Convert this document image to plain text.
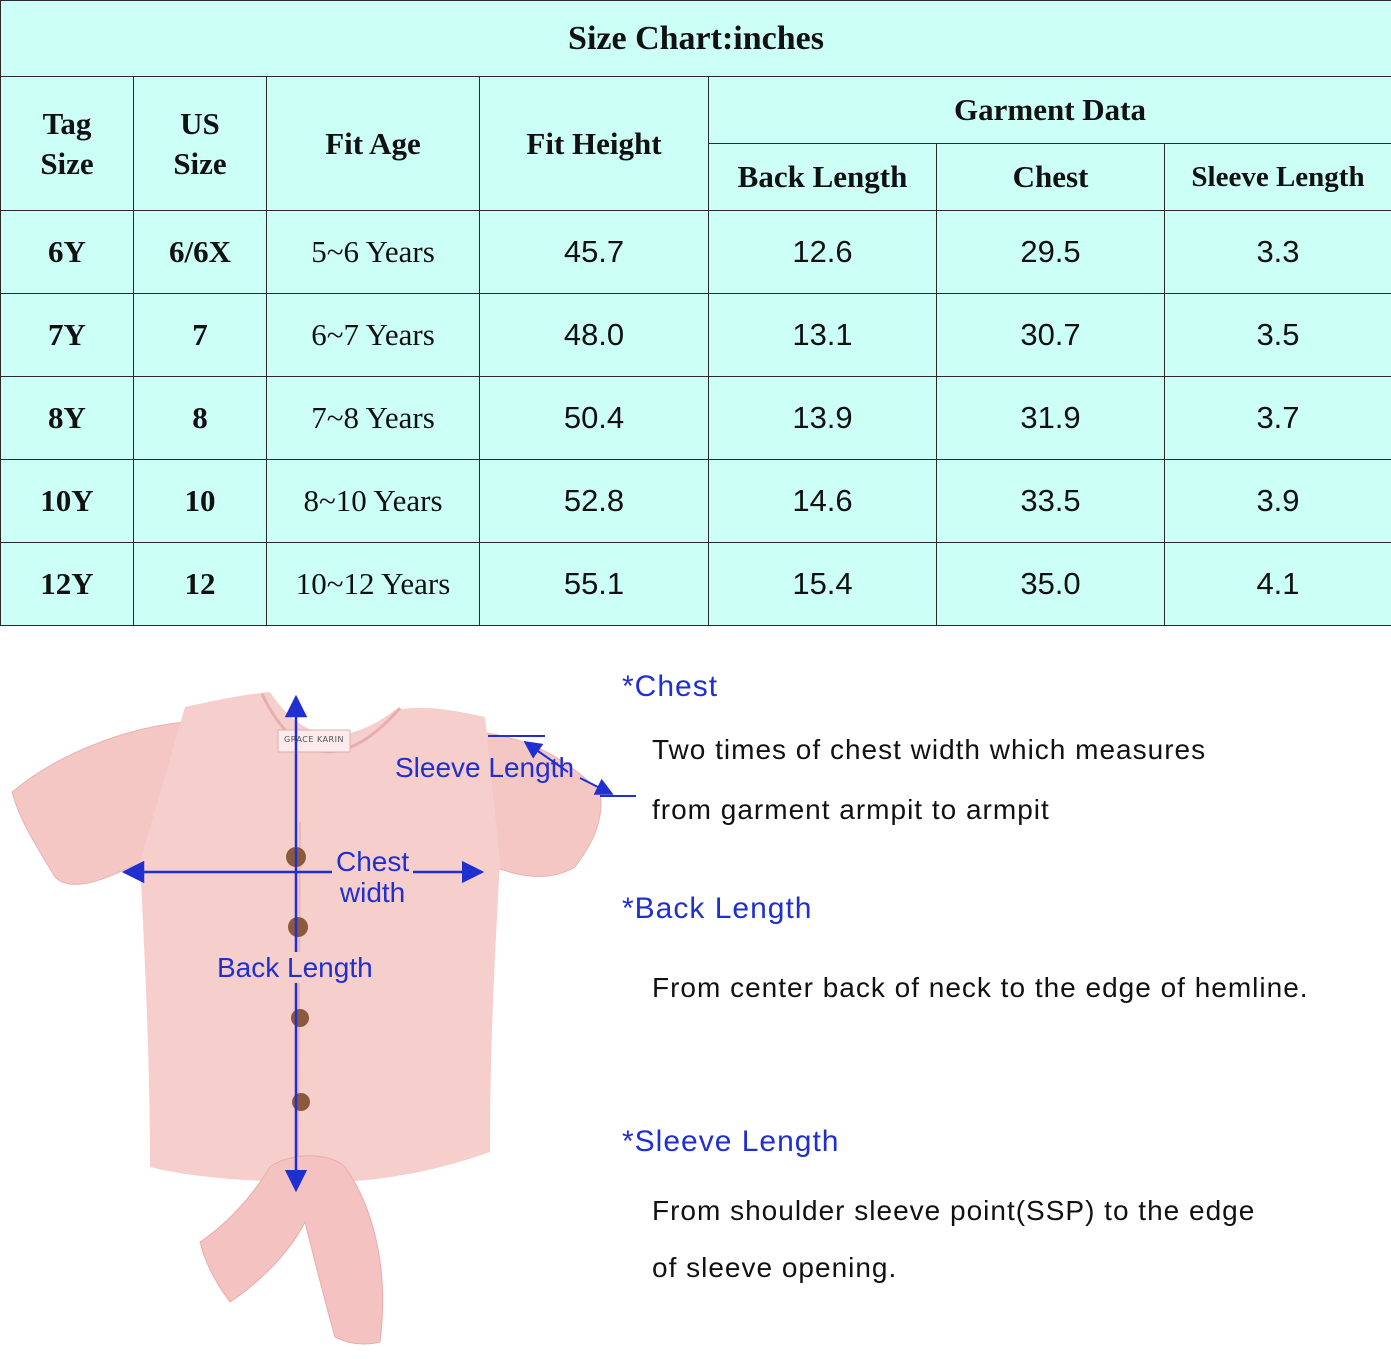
Size Chart:inches						
Tag Size	US Size	Fit Age	Fit Height	Garment Data		
				Back Length	Chest	Sleeve Length
6Y	6/6X	5~6 Years	45.7	12.6	29.5	3.3
7Y	7	6~7 Years	48.0	13.1	30.7	3.5
8Y	8	7~8 Years	50.4	13.9	31.9	3.7
10Y	10	8~10 Years	52.8	14.6	33.5	3.9
12Y	12	10~12 Years	55.1	15.4	35.0	4.1
GRACE KARIN
Sleeve Length
Chest
width
Back Length
*Chest
Two times of chest width which measures
from garment armpit to armpit
*Back Length
From center back of neck to the edge of hemline.
*Sleeve Length
From shoulder sleeve point(SSP) to the edge
of sleeve opening.
